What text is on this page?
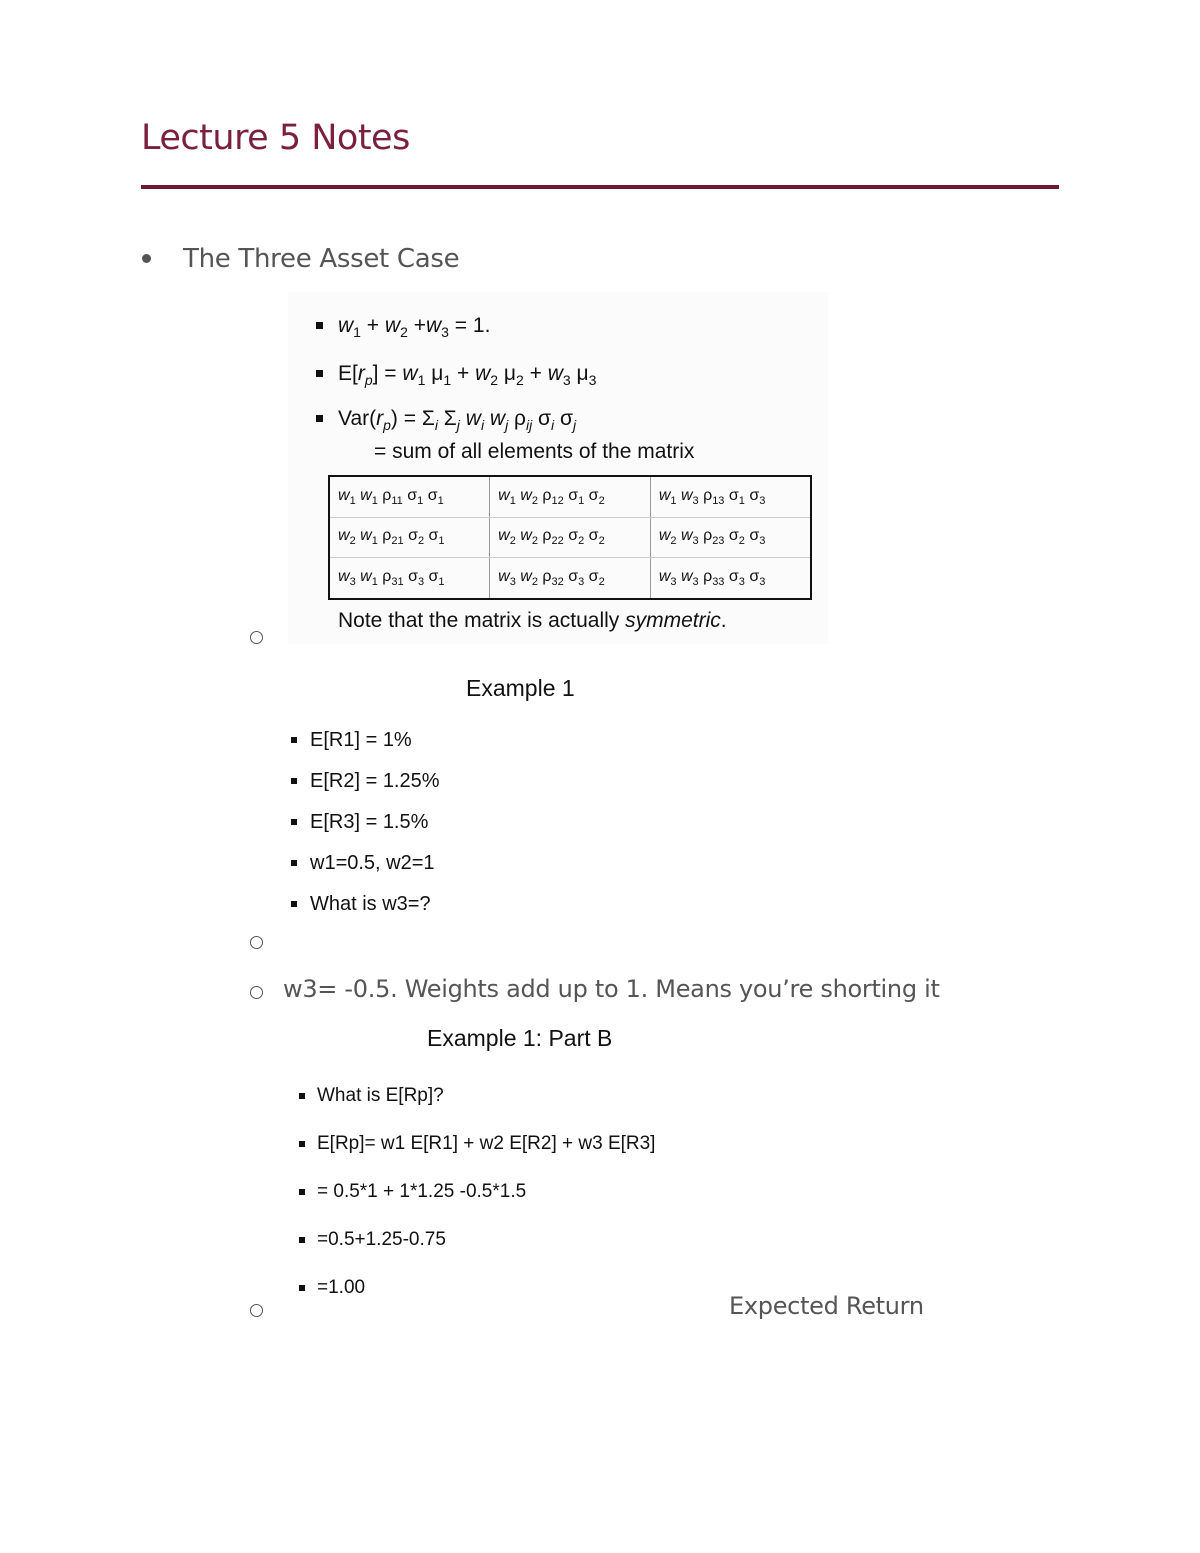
Lecture 5 Notes
The Three Asset Case
$w_1 + w_2 +w_3 = 1$.
$E[r_p] = w_1$ $\mu_1 + w_2$ $\mu_2 + w_3$ $\mu_3$
$Var(r_p) = \Sigma_i$ $\Sigma_j$ $w_i$ $w_j$ $\rho_{ij}$ $\sigma_i$ $\sigma_j$
= sum of all elements of the matrix
$w_1$ $w_1$ $\rho_{11}$ $\sigma_1$ $\sigma_1$	$w_1$ $w_2$ $\rho_{12}$ $\sigma_1$ $\sigma_2$	$w_1$ $w_3$ $\rho_{13}$ $\sigma_1$ $\sigma_3$
$w_2$ $w_1$ $\rho_{21}$ $\sigma_2$ $\sigma_1$	$w_2$ $w_2$ $\rho_{22}$ $\sigma_2$ $\sigma_2$	$w_2$ $w_3$ $\rho_{23}$ $\sigma_2$ $\sigma_3$
$w_3$ $w_1$ $\rho_{31}$ $\sigma_3$ $\sigma_1$	$w_3$ $w_2$ $\rho_{32}$ $\sigma_3$ $\sigma_2$	$w_3$ $w_3$ $\rho_{33}$ $\sigma_3$ $\sigma_3$
Note that the matrix is actually symmetric.
Example 1
E[R1] = 1%
E[R2] = 1.25%
E[R3] = 1.5%
w1=0.5, w2=1
What is w3=?
w3= -0.5. Weights add up to 1. Means you’re shorting it
Example 1: Part B
What is E[Rp]?
E[Rp]= w1 E[R1] + w2 E[R2] + w3 E[R3]
= 0.5*1 + 1*1.25 -0.5*1.5
=0.5+1.25-0.75
=1.00
Expected Return
